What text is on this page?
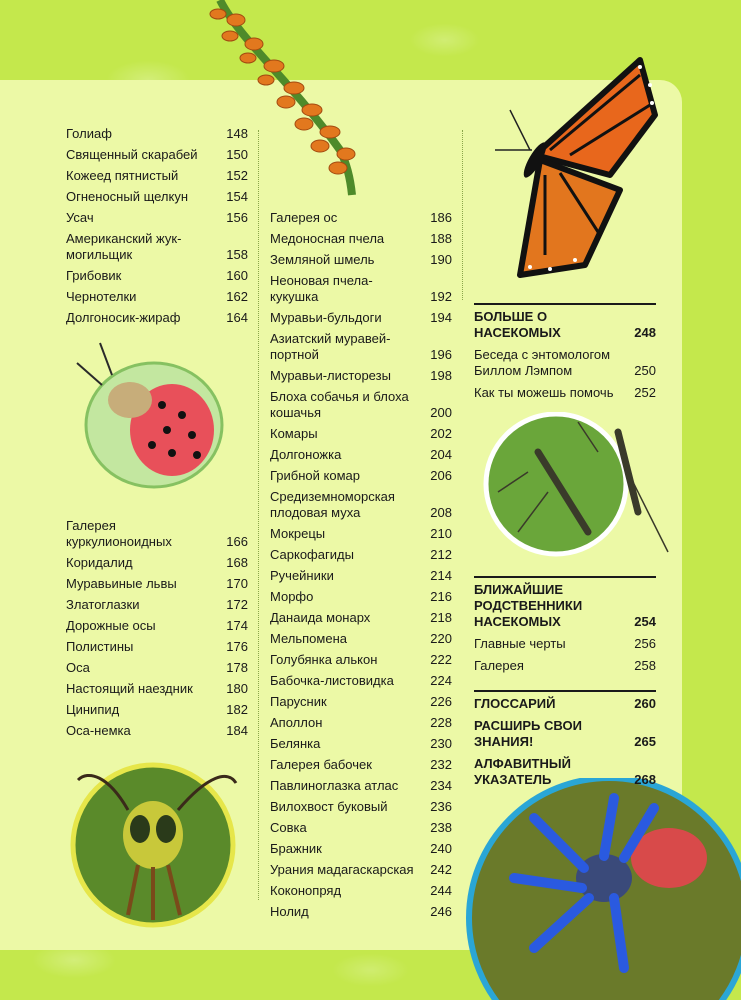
Голиаф	148
Священный скарабей 150
Кожеед пятнистый	152
Огненосный щелкун	154
Усач	156
Американский жук-могильщик	158
Грибовик	160
Чернотелки	162
Долгоносик-жираф	164
Галерея куркулионоидных	166
Коридалид	168
Муравьиные львы	170
Златоглазки	172
Дорожные осы	174
Полистины	176
Оса	178
Настоящий наездник	180
Цинипид	182
Оса-немка	184
Галерея ос	186
Медоносная пчела	188
Земляной шмель	190
Неоновая пчела-кукушка	192
Муравьи-бульдоги	194
Азиатский муравей-портной	196
Муравьи-листорезы	198
Блоха собачья и блоха кошачья	200
Комары	202
Долгоножка	204
Грибной комар	206
Средиземноморская плодовая муха	208
Мокрецы	210
Саркофагиды	212
Ручейники	214
Морфо	216
Данаида монарх	218
Мельпомена	220
Голубянка алькон	222
Бабочка-листовидка	224
Парусник	226
Аполлон	228
Белянка	230
Галерея бабочек	232
Павлиноглазка атлас 234
Вилохвост буковый	236
Совка	238
Бражник	240
Урания мадагаскарская 242
Коконопряд	244
Нолид	246
БОЛЬШЕ О НАСЕКОМЫХ	248
Беседа с энтомологом Биллом Лэмпом	250
Как ты можешь помочь 252
БЛИЖАЙШИЕ РОДСТВЕННИКИ НАСЕКОМЫХ	254
Главные черты	256
Галерея	258
ГЛОССАРИЙ	260
РАСШИРЬ СВОИ ЗНАНИЯ!	265
АЛФАВИТНЫЙ УКАЗАТЕЛЬ	268
